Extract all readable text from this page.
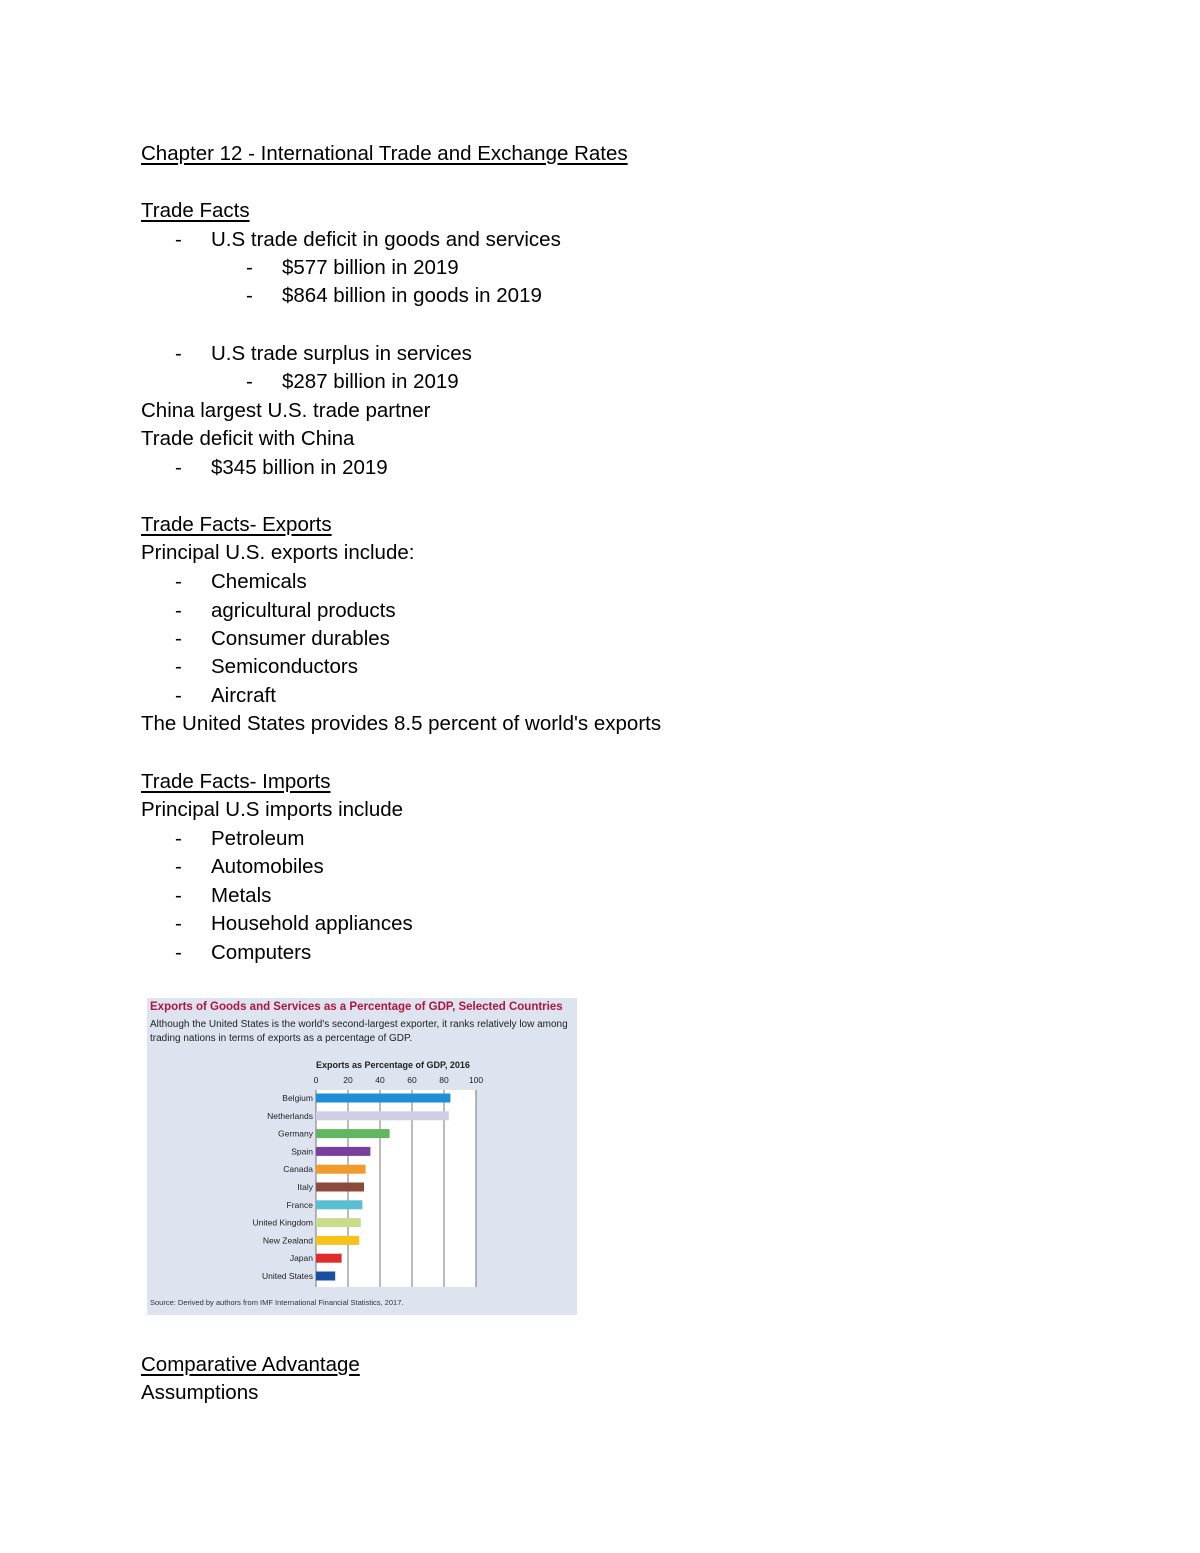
Chapter 12 - International Trade and Exchange Rates
Trade Facts
- U.S trade deficit in goods and services
- $577 billion in 2019
- $864 billion in goods in 2019
- U.S trade surplus in services
- $287 billion in 2019
China largest U.S. trade partner
Trade deficit with China
- $345 billion in 2019
Trade Facts- Exports
Principal U.S. exports include:
- Chemicals
- agricultural products
- Consumer durables
- Semiconductors
- Aircraft
The United States provides 8.5 percent of world's exports
Trade Facts- Imports
Principal U.S imports include
- Petroleum
- Automobiles
- Metals
- Household appliances
- Computers
Exports of Goods and Services as a Percentage of GDP, Selected Countries
Although the United States is the world's second-largest exporter, it ranks relatively low among trading nations in terms of exports as a percentage of GDP.
Exports as Percentage of GDP, 2016
0	20	40	60	80 100
Belgium
Netherlands
Germany
Spain
Canada
Italy
France
United Kingdom
New Zealand
Japan
United States
Source: Derived by authors from IMF International Financial Statistics, 2017.
Comparative Advantage
Assumptions
